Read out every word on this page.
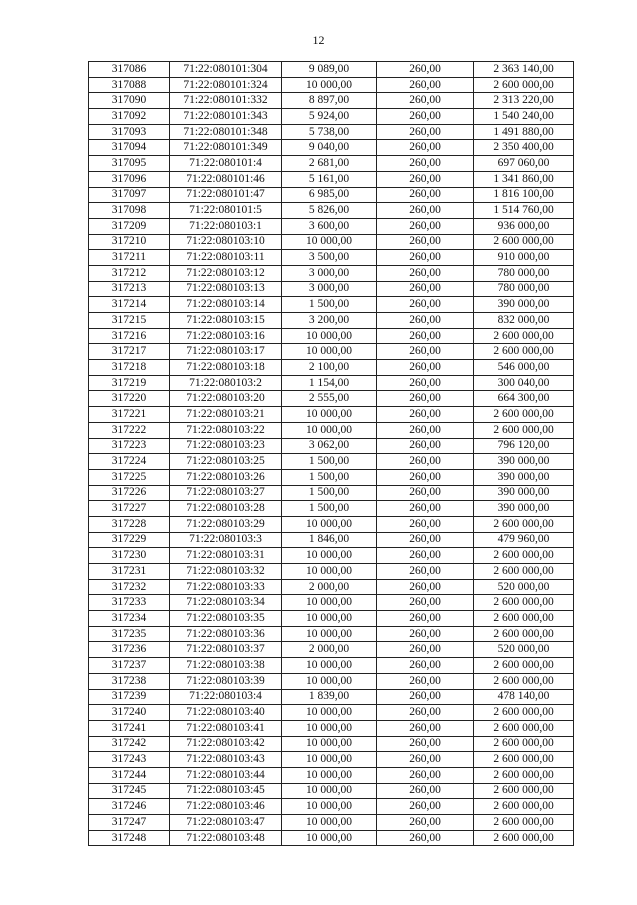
12
317086	71:22:080101:304	9 089,00	260,00	2 363 140,00
317088	71:22:080101:324	10 000,00	260,00	2 600 000,00
317090	71:22:080101:332	8 897,00	260,00	2 313 220,00
317092	71:22:080101:343	5 924,00	260,00	1 540 240,00
317093	71:22:080101:348	5 738,00	260,00	1 491 880,00
317094	71:22:080101:349	9 040,00	260,00	2 350 400,00
317095	71:22:080101:4	2 681,00	260,00	697 060,00
317096	71:22:080101:46	5 161,00	260,00	1 341 860,00
317097	71:22:080101:47	6 985,00	260,00	1 816 100,00
317098	71:22:080101:5	5 826,00	260,00	1 514 760,00
317209	71:22:080103:1	3 600,00	260,00	936 000,00
317210	71:22:080103:10	10 000,00	260,00	2 600 000,00
317211	71:22:080103:11	3 500,00	260,00	910 000,00
317212	71:22:080103:12	3 000,00	260,00	780 000,00
317213	71:22:080103:13	3 000,00	260,00	780 000,00
317214	71:22:080103:14	1 500,00	260,00	390 000,00
317215	71:22:080103:15	3 200,00	260,00	832 000,00
317216	71:22:080103:16	10 000,00	260,00	2 600 000,00
317217	71:22:080103:17	10 000,00	260,00	2 600 000,00
317218	71:22:080103:18	2 100,00	260,00	546 000,00
317219	71:22:080103:2	1 154,00	260,00	300 040,00
317220	71:22:080103:20	2 555,00	260,00	664 300,00
317221	71:22:080103:21	10 000,00	260,00	2 600 000,00
317222	71:22:080103:22	10 000,00	260,00	2 600 000,00
317223	71:22:080103:23	3 062,00	260,00	796 120,00
317224	71:22:080103:25	1 500,00	260,00	390 000,00
317225	71:22:080103:26	1 500,00	260,00	390 000,00
317226	71:22:080103:27	1 500,00	260,00	390 000,00
317227	71:22:080103:28	1 500,00	260,00	390 000,00
317228	71:22:080103:29	10 000,00	260,00	2 600 000,00
317229	71:22:080103:3	1 846,00	260,00	479 960,00
317230	71:22:080103:31	10 000,00	260,00	2 600 000,00
317231	71:22:080103:32	10 000,00	260,00	2 600 000,00
317232	71:22:080103:33	2 000,00	260,00	520 000,00
317233	71:22:080103:34	10 000,00	260,00	2 600 000,00
317234	71:22:080103:35	10 000,00	260,00	2 600 000,00
317235	71:22:080103:36	10 000,00	260,00	2 600 000,00
317236	71:22:080103:37	2 000,00	260,00	520 000,00
317237	71:22:080103:38	10 000,00	260,00	2 600 000,00
317238	71:22:080103:39	10 000,00	260,00	2 600 000,00
317239	71:22:080103:4	1 839,00	260,00	478 140,00
317240	71:22:080103:40	10 000,00	260,00	2 600 000,00
317241	71:22:080103:41	10 000,00	260,00	2 600 000,00
317242	71:22:080103:42	10 000,00	260,00	2 600 000,00
317243	71:22:080103:43	10 000,00	260,00	2 600 000,00
317244	71:22:080103:44	10 000,00	260,00	2 600 000,00
317245	71:22:080103:45	10 000,00	260,00	2 600 000,00
317246	71:22:080103:46	10 000,00	260,00	2 600 000,00
317247	71:22:080103:47	10 000,00	260,00	2 600 000,00
317248	71:22:080103:48	10 000,00	260,00	2 600 000,00
